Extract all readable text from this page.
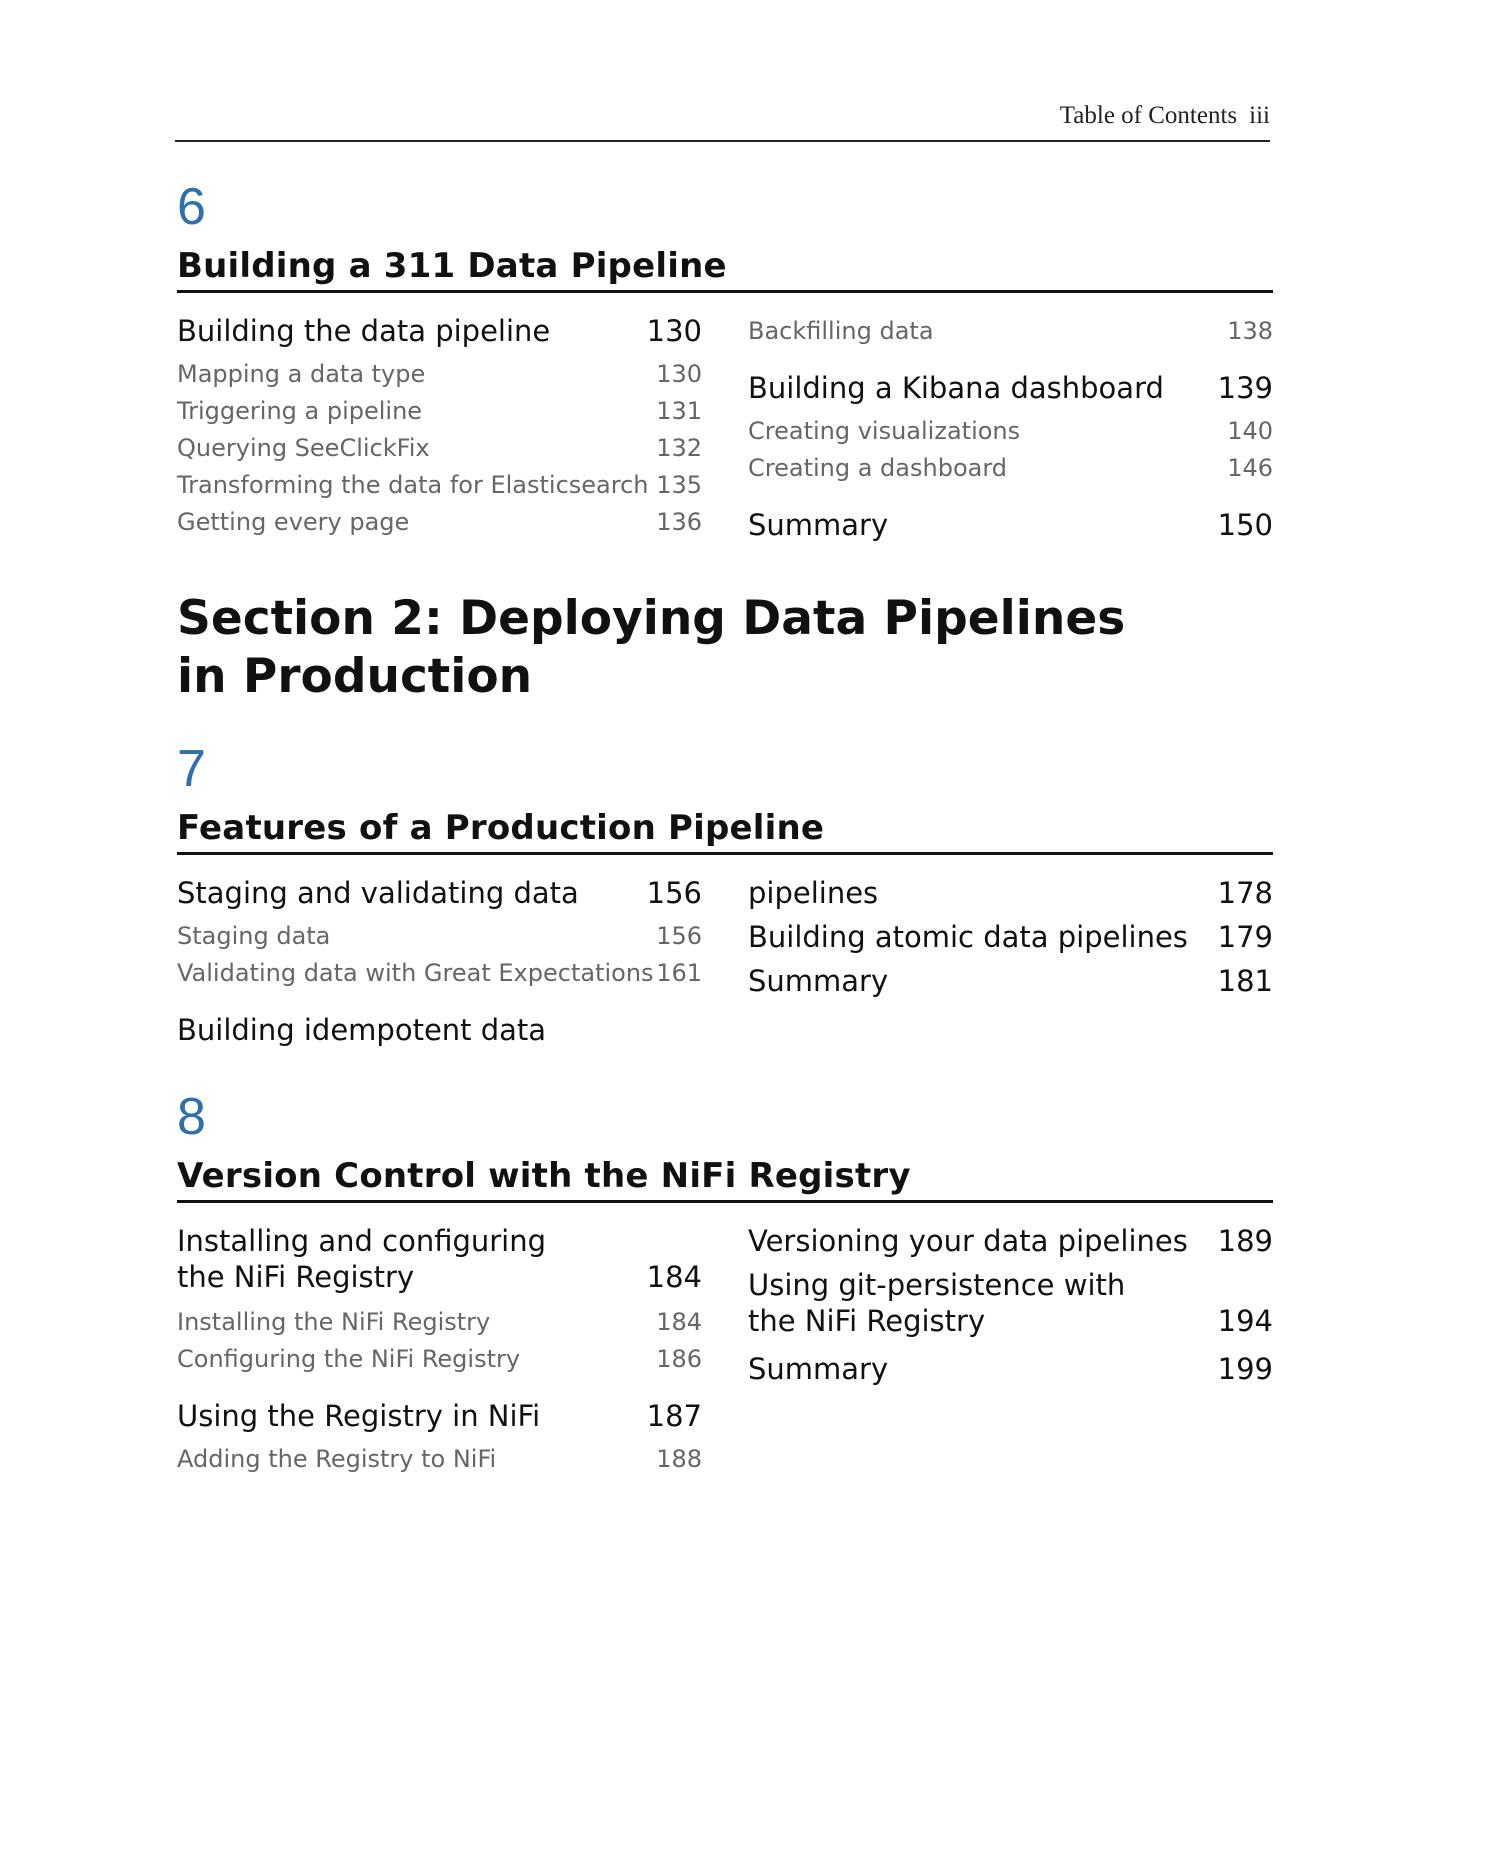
Table of Contents iii
6
Building a 311 Data Pipeline
Building the data pipeline	130
Mapping a data type	130
Triggering a pipeline	131
Querying SeeClickFix	132
Transforming the data for Elasticsearch 135
Getting every page	136
Backfilling data	138
Building a Kibana dashboard	139
Creating visualizations	140
Creating a dashboard	146
Summary	150
Section 2: Deploying Data Pipelines in Production
7
Features of a Production Pipeline
Staging and validating data	156
Staging data	156
Validating data with Great Expectations 161
Building idempotent data
pipelines	178
Building atomic data pipelines	179
Summary	181
8
Version Control with the NiFi Registry
Installing and configuring the NiFi Registry	184
Installing the NiFi Registry	184
Configuring the NiFi Registry	186
Using the Registry in NiFi	187
Adding the Registry to NiFi	188
Versioning your data pipelines	189
Using git-persistence with the NiFi Registry	194
Summary	199
